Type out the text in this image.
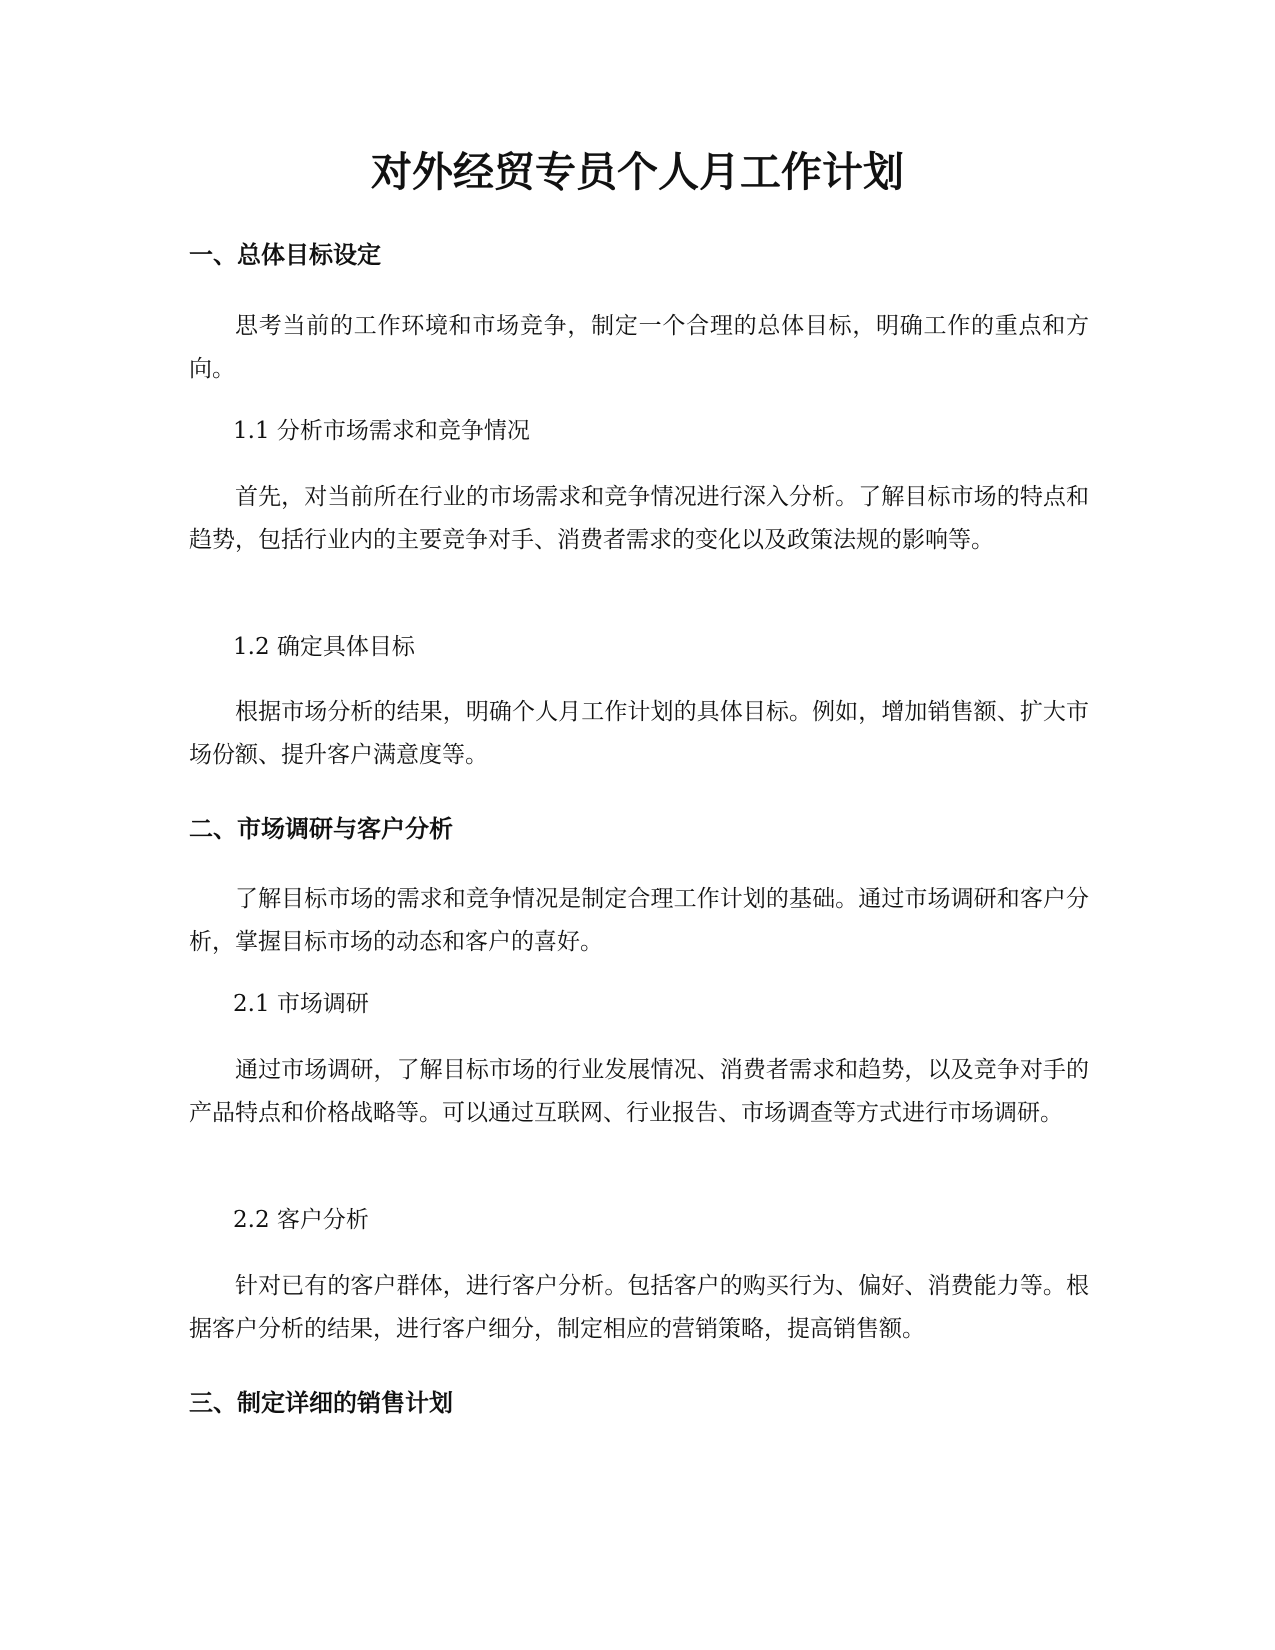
对外经贸专员个人月工作计划
一、总体目标设定

思考当前的工作环境和市场竞争，制定一个合理的总体目标，明确工作的重点和方向。

1.1 分析市场需求和竞争情况

首先，对当前所在行业的市场需求和竞争情况进行深入分析。了解目标市场的特点和趋势，包括行业内的主要竞争对手、消费者需求的变化以及政策法规的影响等。

1.2 确定具体目标

根据市场分析的结果，明确个人月工作计划的具体目标。例如，增加销售额、扩大市场份额、提升客户满意度等。

二、市场调研与客户分析

了解目标市场的需求和竞争情况是制定合理工作计划的基础。通过市场调研和客户分析，掌握目标市场的动态和客户的喜好。

2.1 市场调研

通过市场调研，了解目标市场的行业发展情况、消费者需求和趋势，以及竞争对手的产品特点和价格战略等。可以通过互联网、行业报告、市场调查等方式进行市场调研。

2.2 客户分析

针对已有的客户群体，进行客户分析。包括客户的购买行为、偏好、消费能力等。根据客户分析的结果，进行客户细分，制定相应的营销策略，提高销售额。

三、制定详细的销售计划
